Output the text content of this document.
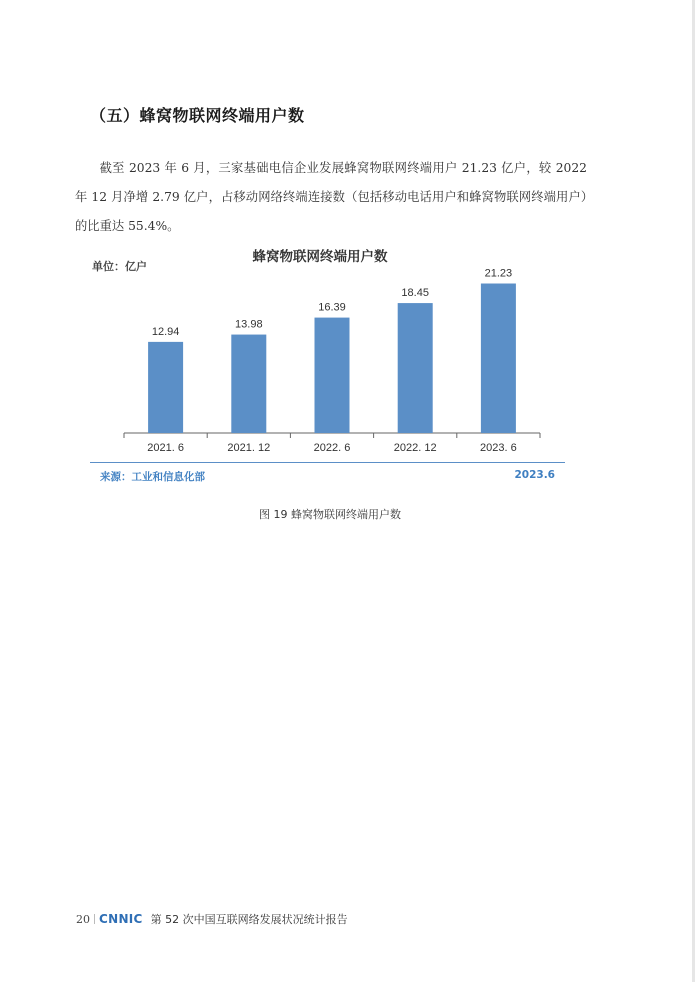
（五）蜂窝物联网终端用户数

截至 2023 年 6 月，三家基础电信企业发展蜂窝物联网终端用户 21.23 亿户，较 2022 年 12 月净增 2.79 亿户，占移动网络终端连接数（包括移动电话用户和蜂窝物联网终端用户）的比重达 55.4%。

蜂窝物联网终端用户数
单位：亿户
12.94
2021. 6
13.98
2021. 12
16.39
2022. 6
18.45
2022. 12
21.23
2023. 6
来源：工业和信息化部	2023.6
图 19 蜂窝物联网终端用户数
20 CNNIC 第 52 次中国互联网络发展状况统计报告
